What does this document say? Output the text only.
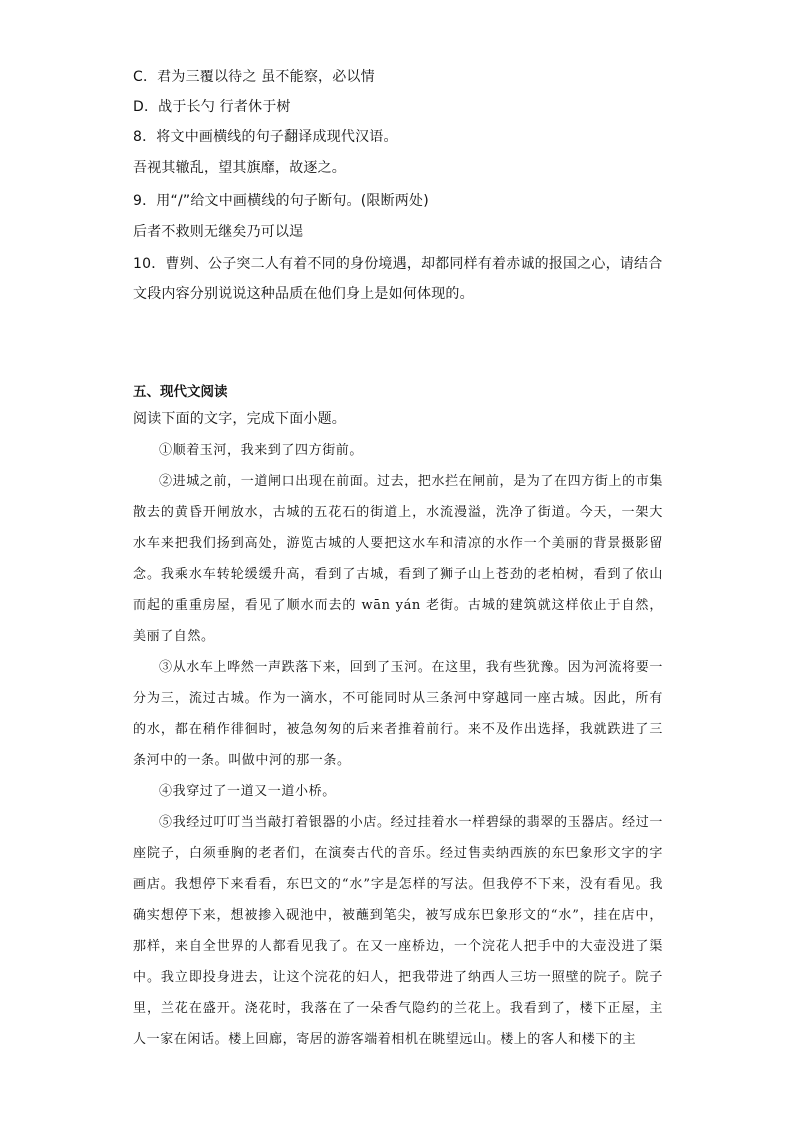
C．君为三覆以待之 虽不能察，必以情
D．战于长勺 行者休于树
8．将文中画横线的句子翻译成现代汉语。
吾视其辙乱，望其旗靡，故逐之。
9．用“/”给文中画横线的句子断句。(限断两处)
后者不救则无继矣乃可以逞
10．曹刿、公子突二人有着不同的身份境遇，却都同样有着赤诚的报国之心，请结合文段内容分别说说这种品质在他们身上是如何体现的。
五、现代文阅读
阅读下面的文字，完成下面小题。

①顺着玉河，我来到了四方街前。

②进城之前，一道闸口出现在前面。过去，把水拦在闸前，是为了在四方街上的市集散去的黄昏开闸放水，古城的五花石的街道上，水流漫溢，洗净了街道。今天，一架大水车来把我们扬到高处，游览古城的人要把这水车和清凉的水作一个美丽的背景摄影留念。我乘水车转轮缓缓升高，看到了古城，看到了狮子山上苍劲的老柏树，看到了依山而起的重重房屋，看见了顺水而去的 wān yán 老街。古城的建筑就这样依止于自然，美丽了自然。

③从水车上哗然一声跌落下来，回到了玉河。在这里，我有些犹豫。因为河流将要一分为三，流过古城。作为一滴水，不可能同时从三条河中穿越同一座古城。因此，所有的水，都在稍作徘徊时，被急匆匆的后来者推着前行。来不及作出选择，我就跌进了三条河中的一条。叫做中河的那一条。

④我穿过了一道又一道小桥。

⑤我经过叮叮当当敲打着银器的小店。经过挂着水一样碧绿的翡翠的玉器店。经过一座院子，白须垂胸的老者们，在演奏古代的音乐。经过售卖纳西族的东巴象形文字的字画店。我想停下来看看，东巴文的“水”字是怎样的写法。但我停不下来，没有看见。我确实想停下来，想被掺入砚池中，被蘸到笔尖，被写成东巴象形文的“水”，挂在店中，那样，来自全世界的人都看见我了。在又一座桥边，一个浣花人把手中的大壶没进了渠中。我立即投身进去，让这个浣花的妇人，把我带进了纳西人三坊一照壁的院子。院子里，兰花在盛开。浇花时，我落在了一朵香气隐约的兰花上。我看到了，楼下正屋，主人一家在闲话。楼上回廊，寄居的游客端着相机在眺望远山。楼上的客人和楼下的主
